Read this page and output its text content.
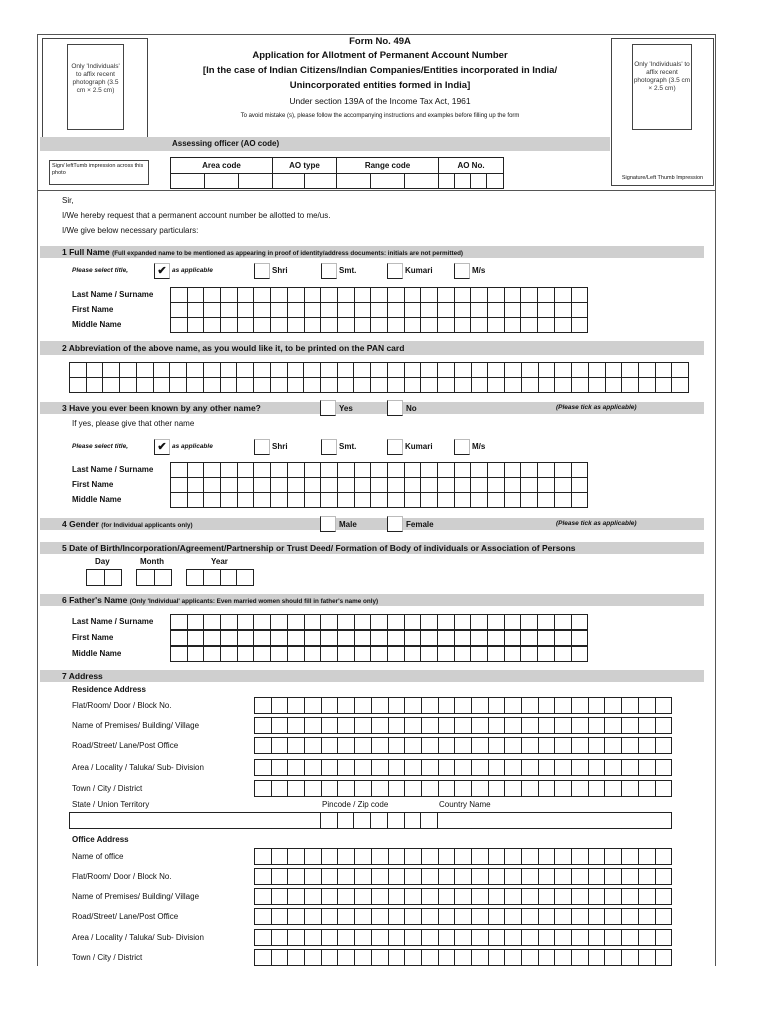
Only 'Individuals' to affix recent photograph (3.5 cm × 2.5 cm)
Sign/ leftTumb impression across this photo
Only 'Individuals' to affix recent photograph (3.5 cm × 2.5 cm)
Signature/Left Thumb Impression
Form No. 49A
Application for Allotment of Permanent Account Number
[In the case of Indian Citizens/Indian Companies/Entities incorporated in India/
Unincorporated entities formed in India]
Under section 139A of the Income Tax Act, 1961
To avoid mistake (s), please follow the accompanying instructions and examples before filling up the form
Assessing officer (AO code)
Area code	AO type	Range code	AO No.
Sir,
I/We hereby request that a permanent account number be allotted to me/us.
I/We give below necessary particulars:
1 Full Name (Full expanded name to be mentioned as appearing in proof of identity/address documents: initials are not permitted)
Please select title,	✔ as applicable	Shri	Smt.	Kumari	M/s
Last Name / Surname
First Name
Middle Name
2 Abbreviation of the above name, as you would like it, to be printed on the PAN card
3 Have you ever been known by any other name?	(Please tick as applicable)
Yes	No
If yes, please give that other name
Please select title,	✔ as applicable	Shri	Smt.	Kumari	M/s
Last Name / Surname
First Name
Middle Name
4 Gender (for Individual applicants only)	(Please tick as applicable)
Male	Female
5 Date of Birth/Incorporation/Agreement/Partnership or Trust Deed/ Formation of Body of individuals or Association of Persons
Day	Month	Year
6 Father's Name (Only 'Individual' applicants: Even married women should fill in father's name only)
Last Name / Surname
First Name
Middle Name
7 Address
Residence Address
Flat/Room/ Door / Block No.
Name of Premises/ Building/ Village
Road/Street/ Lane/Post Office
Area / Locality / Taluka/ Sub- Division
Town / City / District
State / Union Territory	Pincode / Zip code	Country Name
Office Address
Name of office
Flat/Room/ Door / Block No.
Name of Premises/ Building/ Village
Road/Street/ Lane/Post Office
Area / Locality / Taluka/ Sub- Division
Town / City / District
